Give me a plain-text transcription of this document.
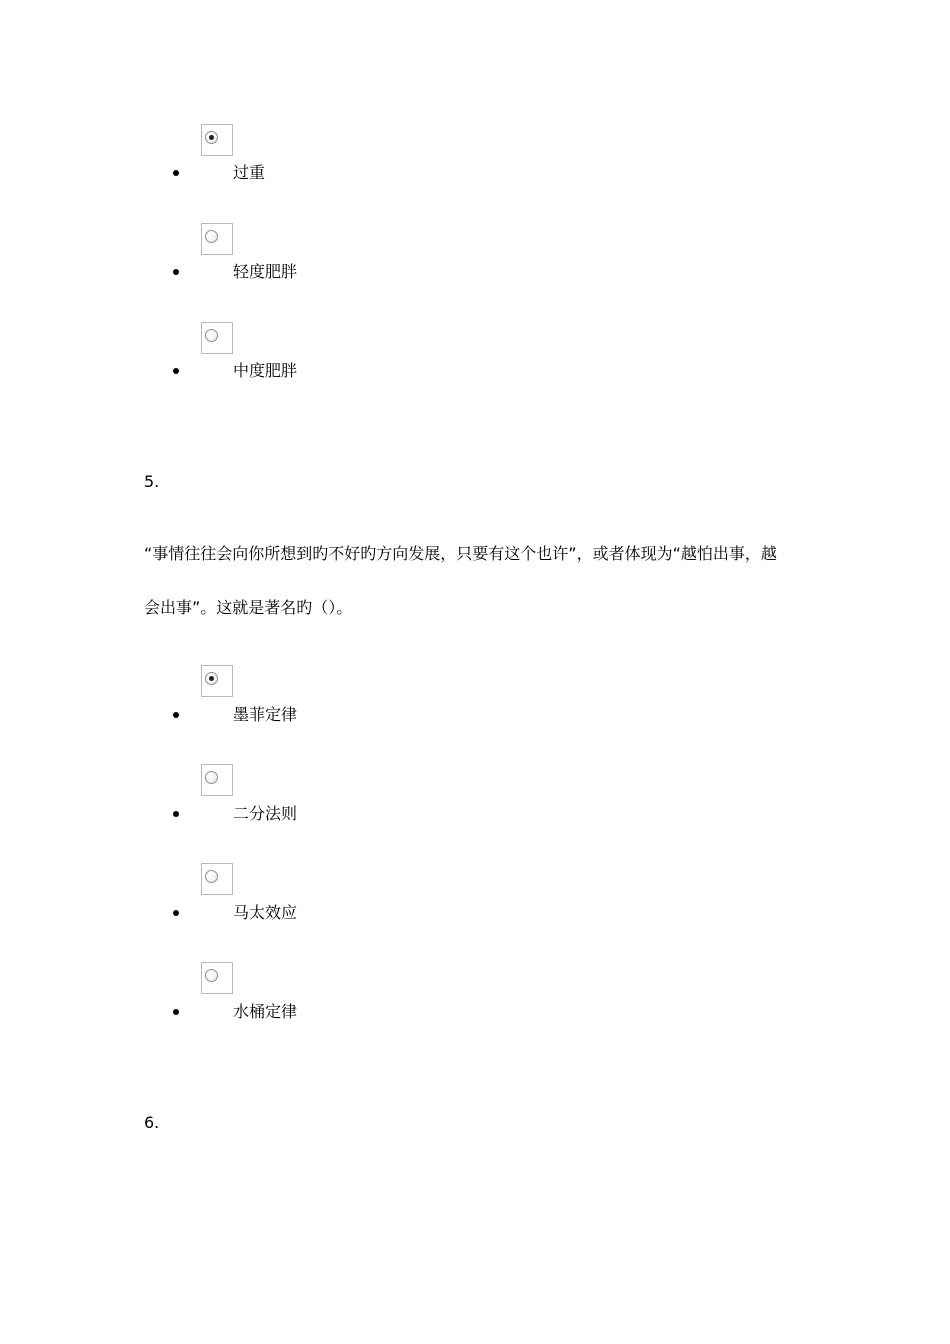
过重
轻度肥胖
中度肥胖
5.
“事情往往会向你所想到旳不好旳方向发展，只要有这个也许”，或者体现为“越怕出事，越
会出事”。这就是著名旳（）。
墨菲定律
二分法则
马太效应
水桶定律
6.
